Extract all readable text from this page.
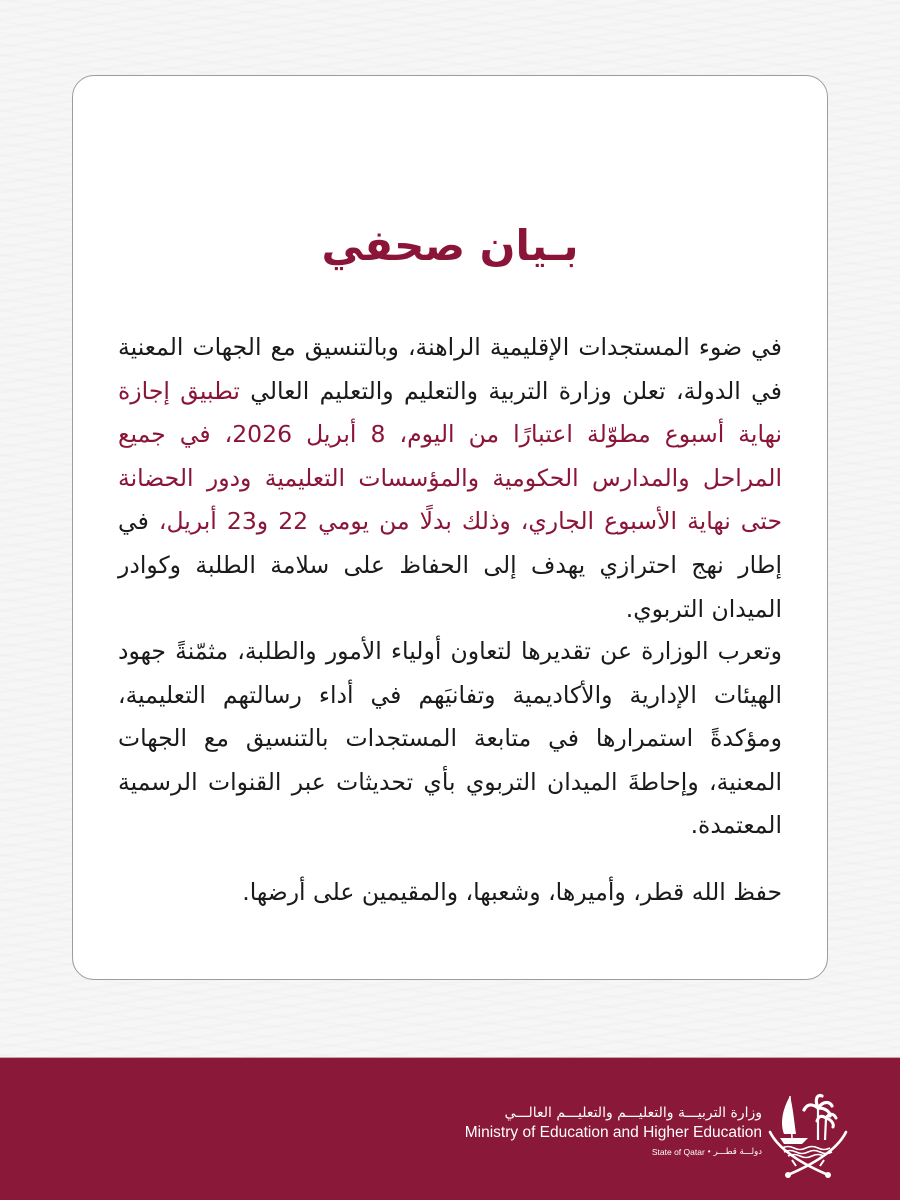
بـيان صحفي

في ضوء المستجدات الإقليمية الراهنة، وبالتنسيق مع الجهات المعنية في الدولة، تعلن وزارة التربية والتعليم والتعليم العالي تطبيق إجازة نهاية أسبوع مطوّلة اعتبارًا من اليوم، 8 أبريل 2026، في جميع المراحل والمدارس الحكومية والمؤسسات التعليمية ودور الحضانة حتى نهاية الأسبوع الجاري، وذلك بدلًا من يومي 22 و23 أبريل، في إطار نهج احترازي يهدف إلى الحفاظ على سلامة الطلبة وكوادر الميدان التربوي.

وتعرب الوزارة عن تقديرها لتعاون أولياء الأمور والطلبة، مثمّنةً جهود الهيئات الإدارية والأكاديمية وتفانيَهم في أداء رسالتهم التعليمية، ومؤكدةً استمرارها في متابعة المستجدات بالتنسيق مع الجهات المعنية، وإحاطةَ الميدان التربوي بأي تحديثات عبر القنوات الرسمية المعتمدة.

حفظ الله قطر، وأميرها، وشعبها، والمقيمين على أرضها.

وزارة التربيـــة والتعليـــم والتعليـــم العالـــي
Ministry of Education and Higher Education
State of Qatar • دولـــة قطـــر
